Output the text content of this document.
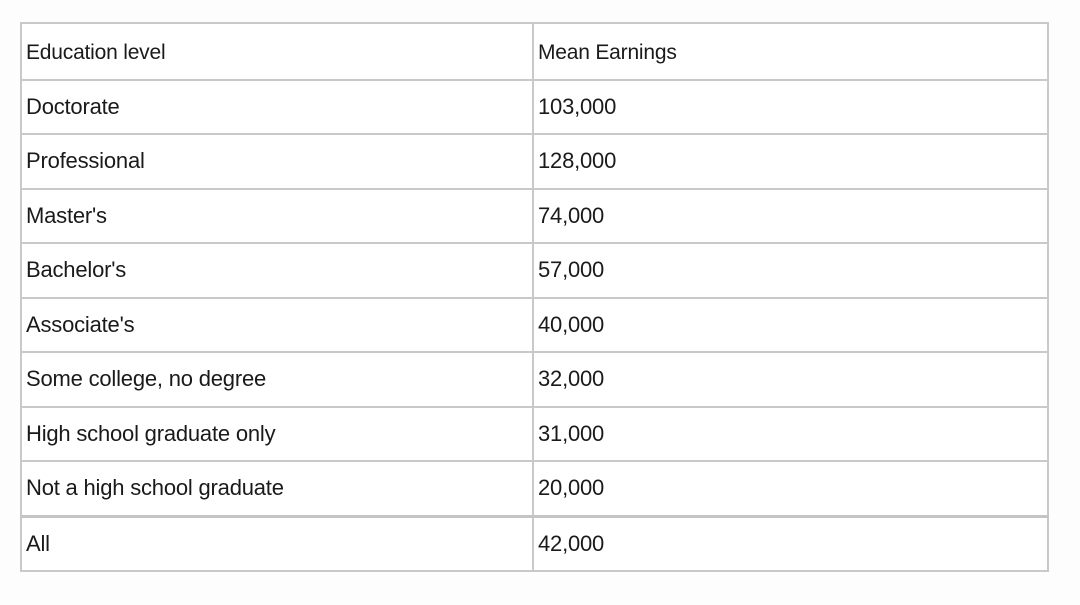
Education level	Mean Earnings
Doctorate	103,000
Professional	128,000
Master's	74,000
Bachelor's	57,000
Associate's	40,000
Some college, no degree	32,000
High school graduate only	31,000
Not a high school graduate	20,000
All	42,000
